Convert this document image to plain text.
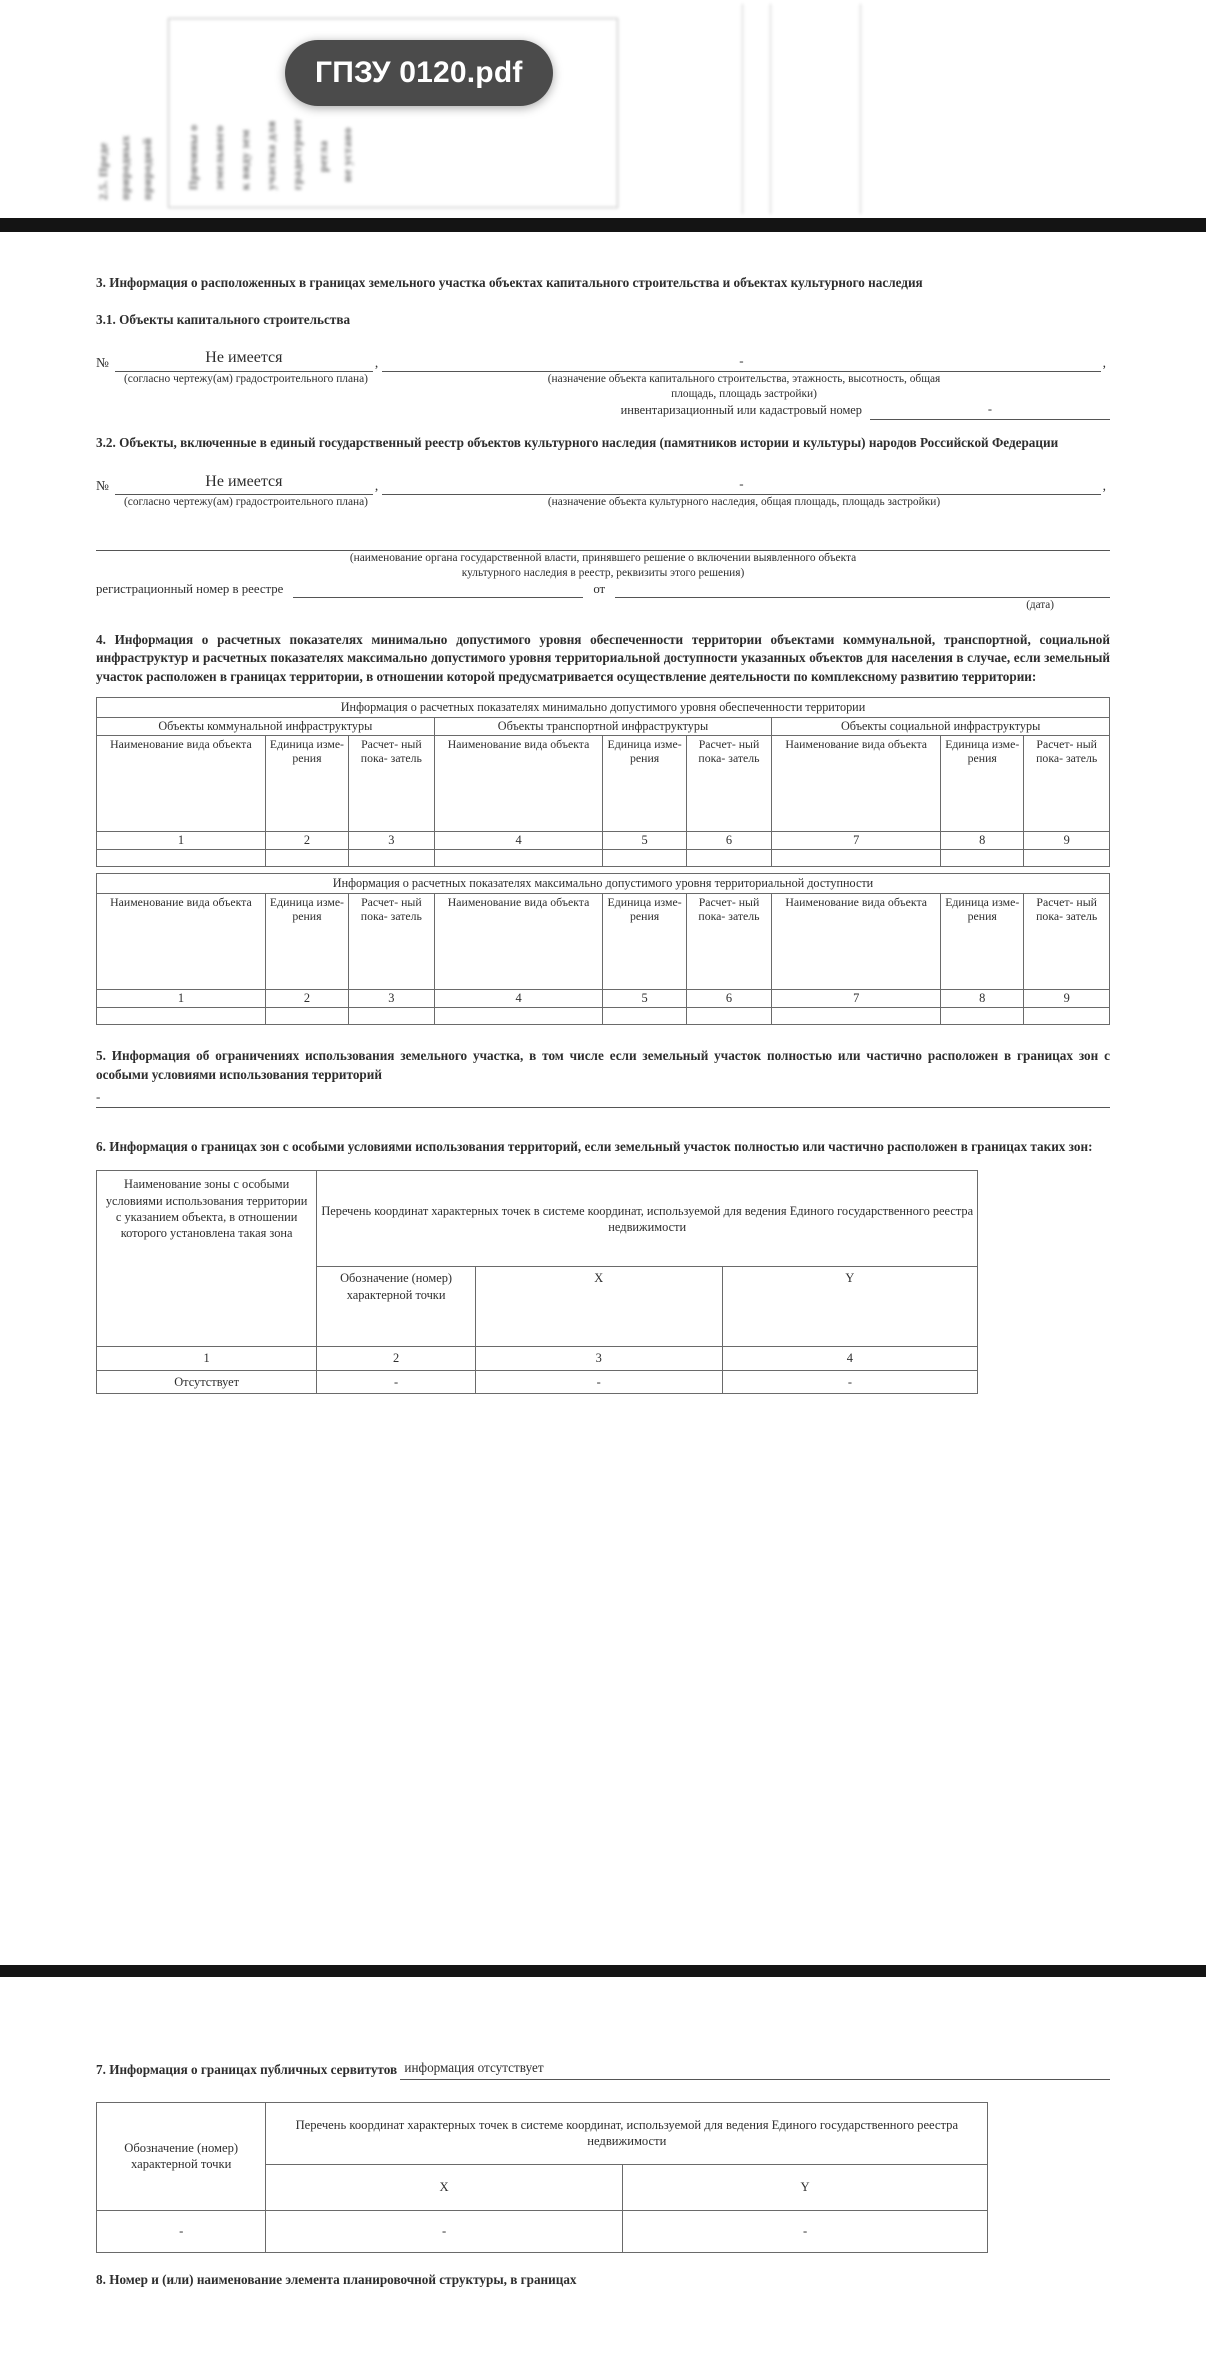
2.5. Преде природных природной	Причины о земельного к виду зем участка для градостроит регла не устано

3. Информация о расположенных в границах земельного участка объектах капитального строительства и объектах культурного наследия

3.1. Объекты капитального строительства

№	Не имеется	,	-	,
(согласно чертежу(ам) градостроительного плана)	(назначение объекта капитального строительства, этажность, высотность, общая
площадь, площадь застройки)
инвентаризационный или кадастровый номер	-

3.2. Объекты, включенные в единый государственный реестр объектов культурного наследия (памятников истории и культуры) народов Российской Федерации

№	Не имеется	,	-	,
(согласно чертежу(ам) градостроительного плана)	(назначение объекта культурного наследия, общая площадь, площадь застройки)
(наименование органа государственной власти, принявшего решение о включении выявленного объекта
культурного наследия в реестр, реквизиты этого решения)
регистрационный номер в реестре	от
(дата)

4. Информация о расчетных показателях минимально допустимого уровня обеспеченности территории объектами коммунальной, транспортной, социальной инфраструктур и расчетных показателях максимально допустимого уровня территориальной доступности указанных объектов для населения в случае, если земельный участок расположен в границах территории, в отношении которой предусматривается осуществление деятельности по комплексному развитию территории:

Информация о расчетных показателях минимально допустимого уровня обеспеченности территории								
Объекты коммунальной инфраструктуры			Объекты транспортной инфраструктуры			Объекты социальной инфраструктуры		
Наименование вида объекта	Единица изме- рения	Расчет- ный пока- затель	Наименование вида объекта	Единица изме- рения	Расчет- ный пока- затель	Наименование вида объекта	Единица изме- рения	Расчет- ный пока- затель
1	2	3	4	5	6	7	8	9

Информация о расчетных показателях максимально допустимого уровня территориальной доступности								
Наименование вида объекта	Единица изме- рения	Расчет- ный пока- затель	Наименование вида объекта	Единица изме- рения	Расчет- ный пока- затель	Наименование вида объекта	Единица изме- рения	Расчет- ный пока- затель
1	2	3	4	5	6	7	8	9

5. Информация об ограничениях использования земельного участка, в том числе если земельный участок полностью или частично расположен в границах зон с особыми условиями использования территорий

-

6. Информация о границах зон с особыми условиями использования территорий, если земельный участок полностью или частично расположен в границах таких зон:

Наименование зоны с особыми условиями использования территории с указанием объекта, в отношении которого установлена такая зона	Перечень координат характерных точек в системе координат, используемой для ведения Единого государственного реестра недвижимости		
	Обозначение (номер) характерной точки	X	Y
1	2	3	4
Отсутствует	-	-	-
7. Информация о границах публичных сервитутов
информация отсутствует
Обозначение (номер) характерной точки	Перечень координат характерных точек в системе координат, используемой для ведения Единого государственного реестра недвижимости	
	X	Y
-	-	-

8. Номер и (или) наименование элемента планировочной структуры, в границах

ГПЗУ 0120.pdf
